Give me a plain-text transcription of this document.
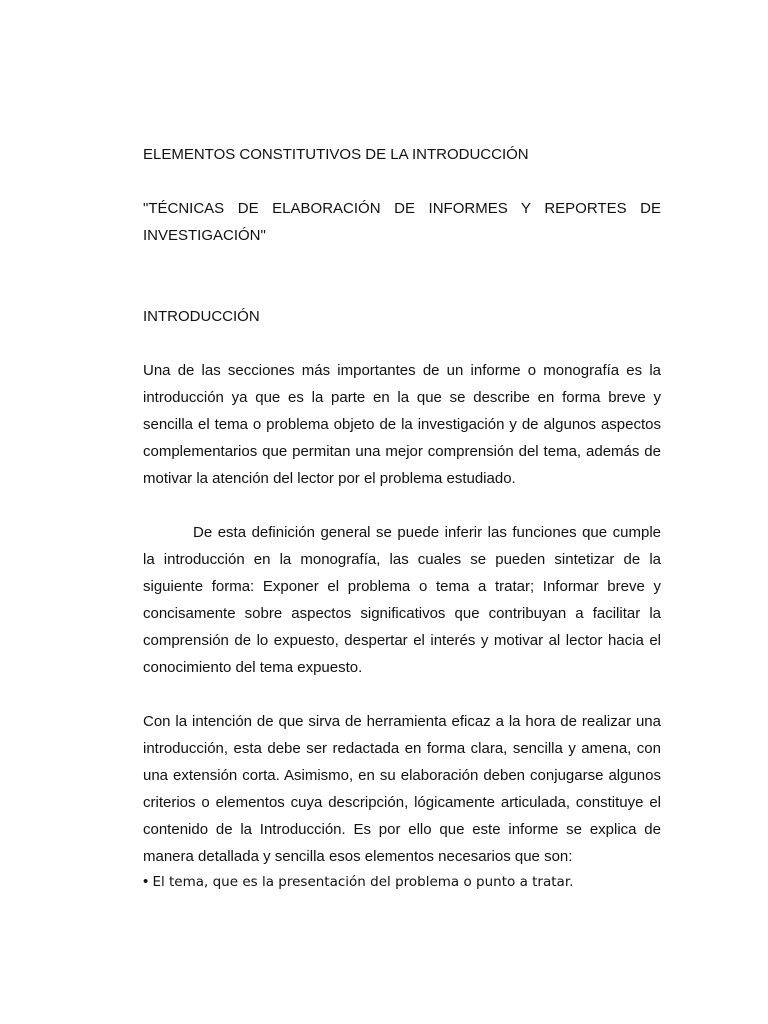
ELEMENTOS CONSTITUTIVOS DE LA INTRODUCCIÓN
"TÉCNICAS DE ELABORACIÓN DE INFORMES Y REPORTES DE INVESTIGACIÓN"
INTRODUCCIÓN

Una de las secciones más importantes de un informe o monografía es la introducción ya que es la parte en la que se describe en forma breve y sencilla el tema o problema objeto de la investigación y de algunos aspectos complementarios que permitan una mejor comprensión del tema, además de motivar la atención del lector por el problema estudiado.

De esta definición general se puede inferir las funciones que cumple la introducción en la monografía, las cuales se pueden sintetizar de la siguiente forma: Exponer el problema o tema a tratar; Informar breve y concisamente sobre aspectos significativos que contribuyan a facilitar la comprensión de lo expuesto, despertar el interés y motivar al lector hacia el conocimiento del tema expuesto.

Con la intención de que sirva de herramienta eficaz a la hora de realizar una introducción, esta debe ser redactada en forma clara, sencilla y amena, con una extensión corta. Asimismo, en su elaboración deben conjugarse algunos criterios o elementos cuya descripción, lógicamente articulada, constituye el contenido de la Introducción. Es por ello que este informe se explica de manera detallada y sencilla esos elementos necesarios que son:

• El tema, que es la presentación del problema o punto a tratar.
